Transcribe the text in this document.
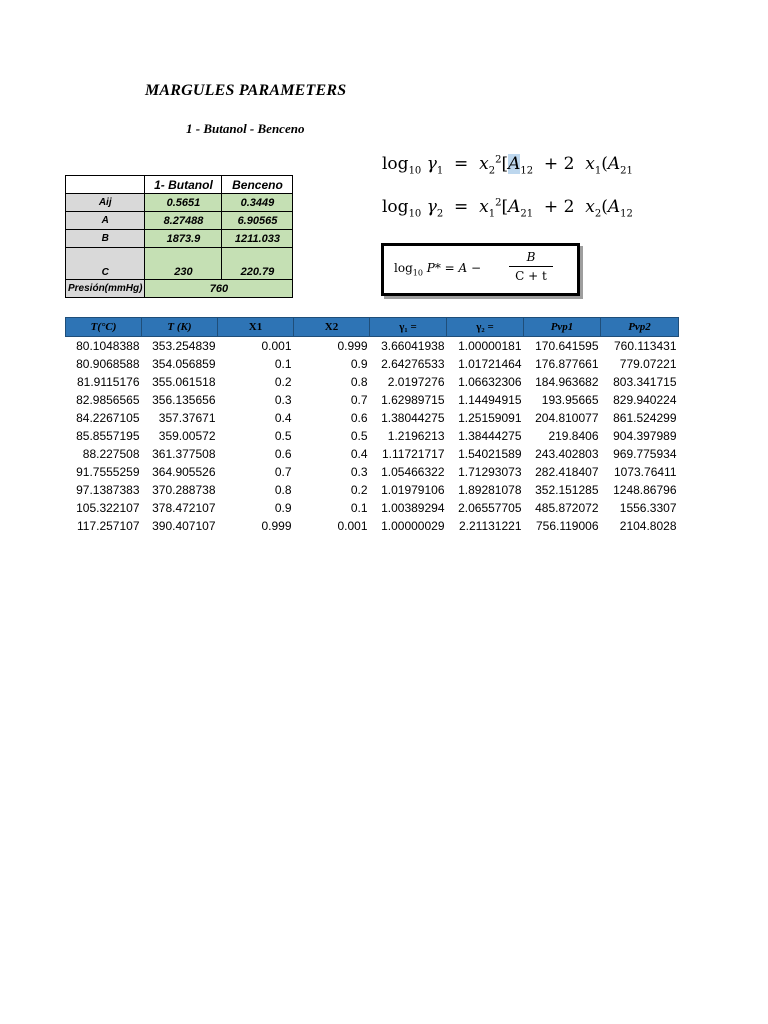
MARGULES PARAMETERS
1 - Butanol - Benceno
	1- Butanol	Benceno
Aij	0.5651	0.3449
A	8.27488	6.90565
B	1873.9	1211.033
C	230	220.79
Presión(mmHg)	760	
$\log_{10} \gamma_1 = x_2^2[A_{12} + 2$ $x_1(A_{21}$
$\log_{10} \gamma_2 = x_1^2[A_{21} + 2$ $x_2(A_{12}$
$\log_{10} P* = A$ −
B
C + t
T(°C)	T (K)	X1	X2	γ₁ =	γ₂ =	Pvp1	Pvp2
80.1048388	353.254839	0.001	0.999	3.66041938	1.00000181	170.641595	760.113431
80.9068588	354.056859	0.1	0.9	2.64276533	1.01721464	176.877661	779.07221
81.9115176	355.061518	0.2	0.8	2.0197276	1.06632306	184.963682	803.341715
82.9856565	356.135656	0.3	0.7	1.62989715	1.14494915	193.95665	829.940224
84.2267105	357.37671	0.4	0.6	1.38044275	1.25159091	204.810077	861.524299
85.8557195	359.00572	0.5	0.5	1.2196213	1.38444275	219.8406	904.397989
88.227508	361.377508	0.6	0.4	1.11721717	1.54021589	243.402803	969.775934
91.7555259	364.905526	0.7	0.3	1.05466322	1.71293073	282.418407	1073.76411
97.1387383	370.288738	0.8	0.2	1.01979106	1.89281078	352.151285	1248.86796
105.322107	378.472107	0.9	0.1	1.00389294	2.06557705	485.872072	1556.3307
117.257107	390.407107	0.999	0.001	1.00000029	2.21131221	756.119006	2104.8028
